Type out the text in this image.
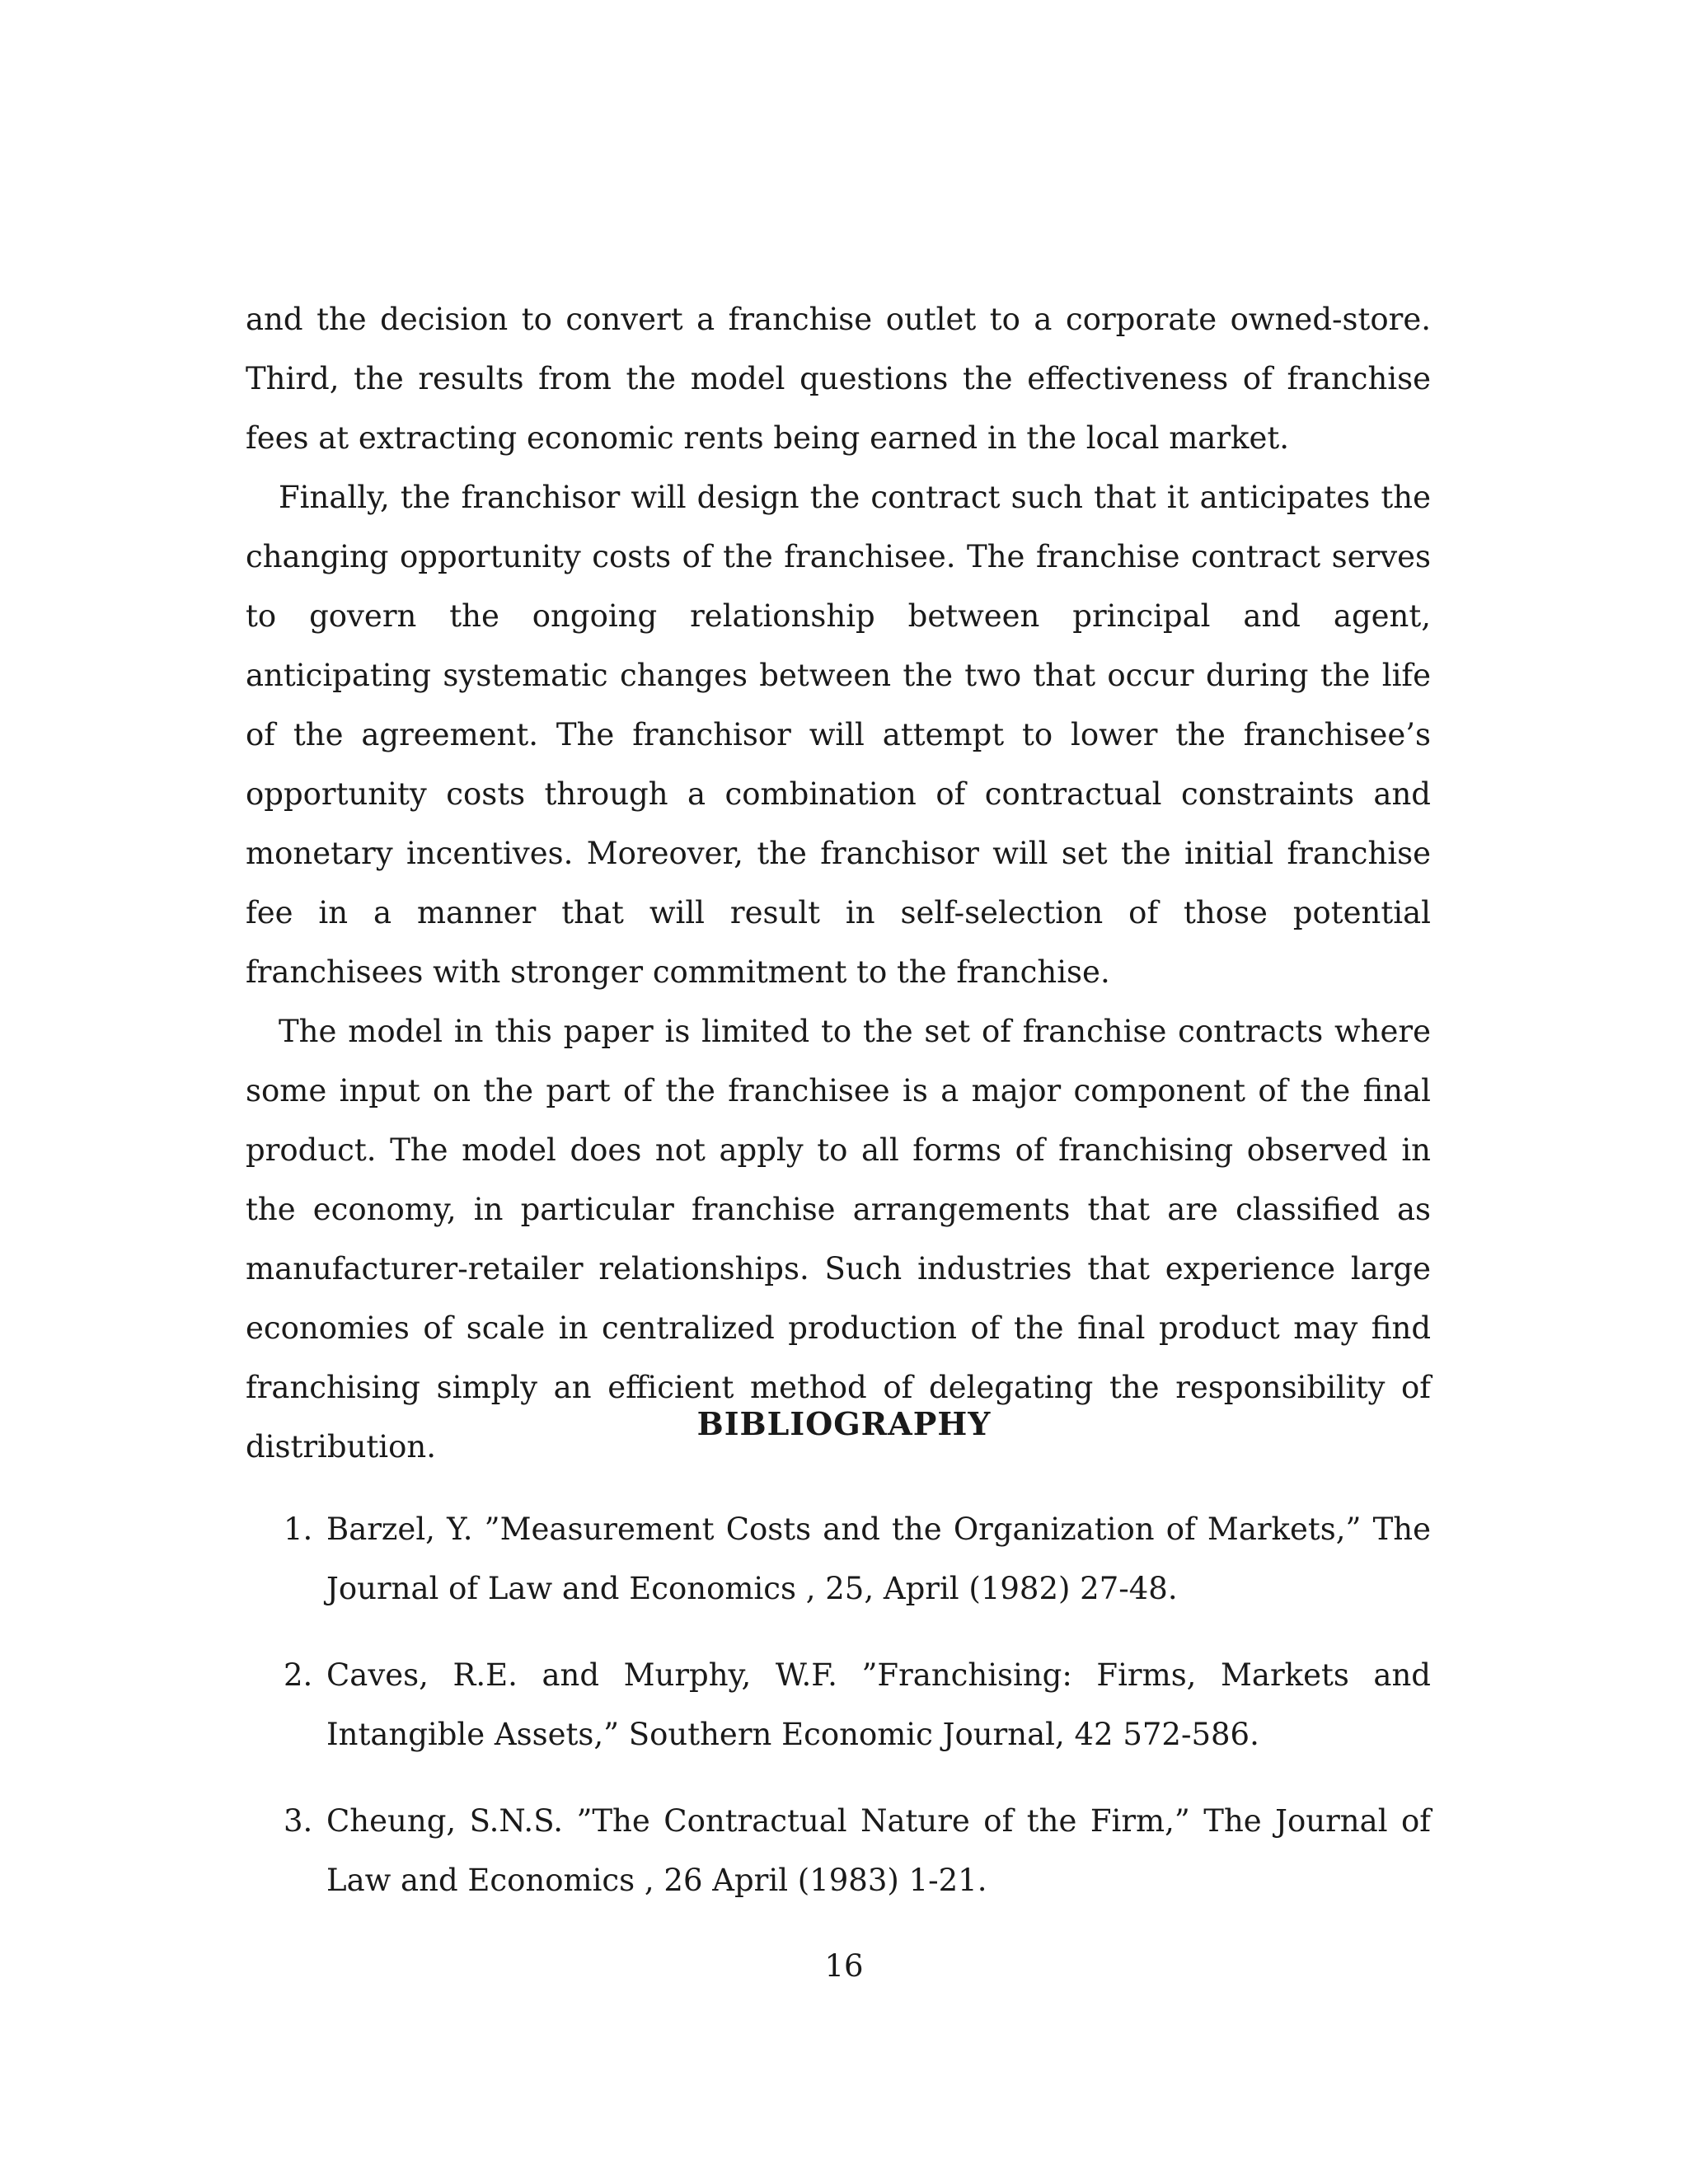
and the decision to convert a franchise outlet to a corporate owned-store. Third, the results from the model questions the effectiveness of franchise fees at extracting economic rents being earned in the local market.

Finally, the franchisor will design the contract such that it anticipates the changing opportunity costs of the franchisee. The franchise contract serves to govern the ongoing relationship between principal and agent, anticipating systematic changes between the two that occur during the life of the agreement. The franchisor will attempt to lower the franchisee’s opportunity costs through a combination of contractual constraints and monetary incentives. Moreover, the franchisor will set the initial franchise fee in a manner that will result in self-selection of those potential franchisees with stronger commitment to the franchise.

The model in this paper is limited to the set of franchise contracts where some input on the part of the franchisee is a major component of the final product. The model does not apply to all forms of franchising observed in the economy, in particular franchise arrangements that are classified as manufacturer-retailer relationships. Such industries that experience large economies of scale in centralized production of the final product may find franchising simply an efficient method of delegating the responsibility of distribution.

BIBLIOGRAPHY
1. Barzel, Y. ”Measurement Costs and the Organization of Markets,” The Journal of Law and Economics , 25, April (1982) 27-48.
2. Caves, R.E. and Murphy, W.F. ”Franchising: Firms, Markets and Intangible Assets,” Southern Economic Journal, 42 572-586.
3. Cheung, S.N.S. ”The Contractual Nature of the Firm,” The Journal of Law and Economics , 26 April (1983) 1-21.
16
